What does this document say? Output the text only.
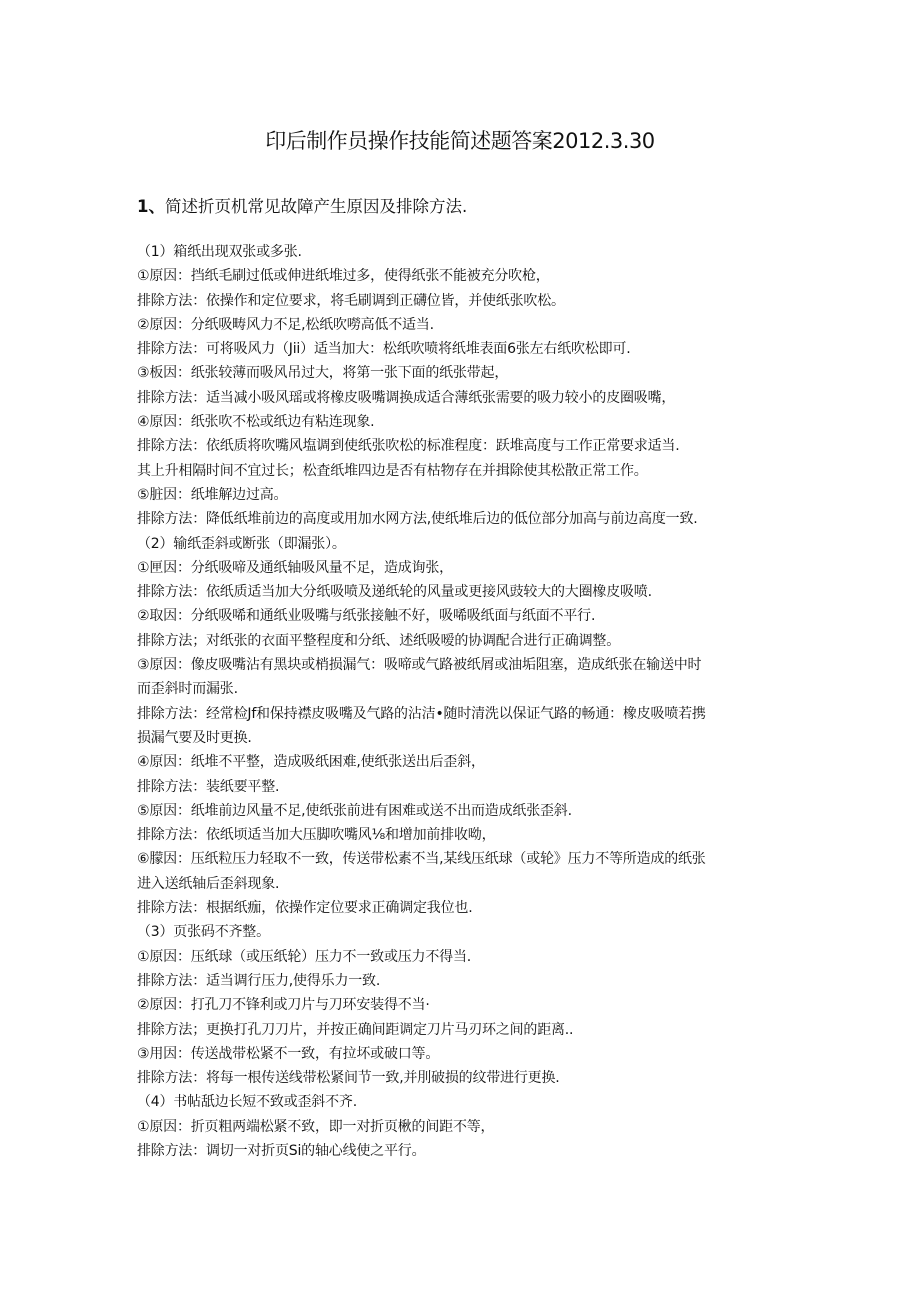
印后制作员操作技能简述题答案2012.3.30
1、简述折页机常见故障产生原因及排除方法.
（1）箱纸出现双张或多张.
①原因：挡纸毛刷过低或伸进纸堆过多，使得纸张不能被充分吹枪，
排除方法：依操作和定位要求，将毛刷调到正礴位皆，并使纸张吹松。
②原因：分纸吸畴风力不足,松纸吹嘮高低不适当.
排除方法：可将吸风力（Jii）适当加大：松纸吹喷将纸堆表面6张左右纸吹松即可.
③板因：纸张较薄而吸风吊过大，将第一张下面的纸张带起，
排除方法：适当减小吸风瑶或将橡皮吸嘴调换成适合薄纸张需要的吸力较小的皮圈吸嘴，
④原因：纸张吹不松或纸边有粘连现象.
排除方法：依纸质将吹嘴风塩调到使纸张吹松的标准程度：跃堆高度与工作正常要求适当.
其上升相隔时间不宜过长；松査纸堆四边是否有枯物存在并揖除使其松散正常工作。
⑤脏因：纸堆解边过高。
排除方法：降低纸堆前边的高度或用加水网方法,使纸堆后边的低位部分加高与前边高度一致.
（2）输纸歪斜或断张（即漏张）。
①匣因：分纸吸啼及通纸轴吸风量不足，造成询张，
排除方法：依纸质适当加大分纸吸喷及递纸轮的风量或更接风豉较大的大圈橡皮吸喷.
②取因：分纸吸唏和通纸业吸嘴与纸张接触不好，吸唏吸纸面与纸面不平行.
排除方法；对纸张的衣面平整程度和分纸、述纸吸嗳的协调配合进行正确调整。
③原因：像皮吸嘴沾有黑块或梢损漏气：吸啼或气路被纸屑或油垢阻塞，造成纸张在输送中时
而歪斜时而漏张.
排除方法：经常检Jf和保持襟皮吸嘴及气路的沾洁•随时清洗以保证气路的畅通：橡皮吸喷若携
损漏气要及时更换.
④原因：纸堆不平整，造成吸纸困难,使纸张送出后歪斜，
排除方法：装纸要平整.
⑤原因：纸堆前边风量不足,使纸张前进有困难或送不出而造成纸张歪斜.
排除方法：依纸顷适当加大压脚吹嘴风⅛和增加前排收呦，
⑥朦因：压纸粒压力轻取不一致，传送带松素不当,某线压纸球（或轮》压力不等所造成的纸张
进入送纸轴后歪斜现象.
排除方法：根据纸痂，依操作定位要求正确调定我位也.
（3）页张码不齐整。
①原因：压纸球（或压纸轮）压力不一致或压力不得当.
排除方法：适当调行压力,使得乐力一致.
②原因：打孔刀不锋利或刀片与刀环安装得不当·
排除方法；更换打孔刀刀片，并按正确间距调定刀片马刃环之间的距离..
③用因：传送战带松紧不一致，有拉坏或破口等。
排除方法：将每一根传送线带松紧间节一致,并刖破损的纹带进行更换.
（4）书帖舐边长短不致或歪斜不齐.
①原因：折页粗两端松紧不致，即一对折页楸的间距不等，
排除方法：调切一对折页Si的轴心线使之平行。
